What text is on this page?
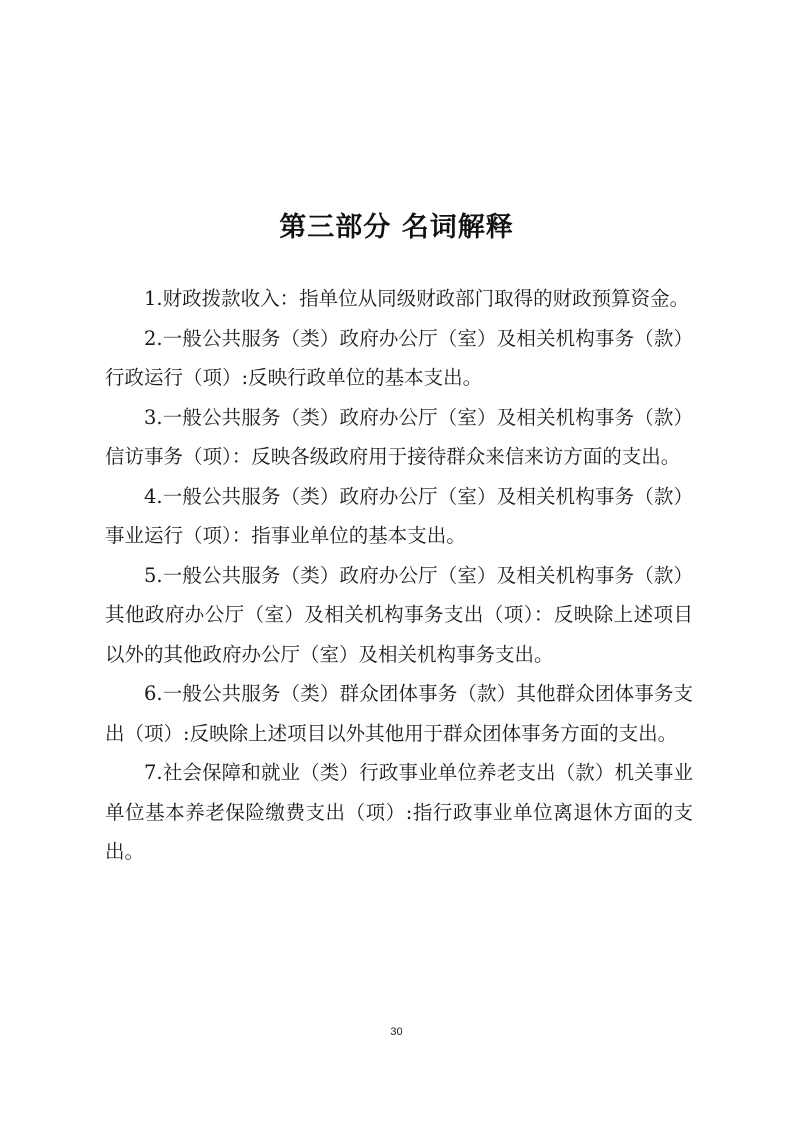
第三部分 名词解释

1.财政拨款收入：指单位从同级财政部门取得的财政预算资金。

2.一般公共服务（类）政府办公厅（室）及相关机构事务（款）行政运行（项）:反映行政单位的基本支出。

3.一般公共服务（类）政府办公厅（室）及相关机构事务（款）信访事务（项）：反映各级政府用于接待群众来信来访方面的支出。

4.一般公共服务（类）政府办公厅（室）及相关机构事务（款）事业运行（项）：指事业单位的基本支出。

5.一般公共服务（类）政府办公厅（室）及相关机构事务（款）其他政府办公厅（室）及相关机构事务支出（项）：反映除上述项目以外的其他政府办公厅（室）及相关机构事务支出。

6.一般公共服务（类）群众团体事务（款）其他群众团体事务支出（项）:反映除上述项目以外其他用于群众团体事务方面的支出。

7.社会保障和就业（类）行政事业单位养老支出（款）机关事业单位基本养老保险缴费支出（项）:指行政事业单位离退休方面的支出。

30
